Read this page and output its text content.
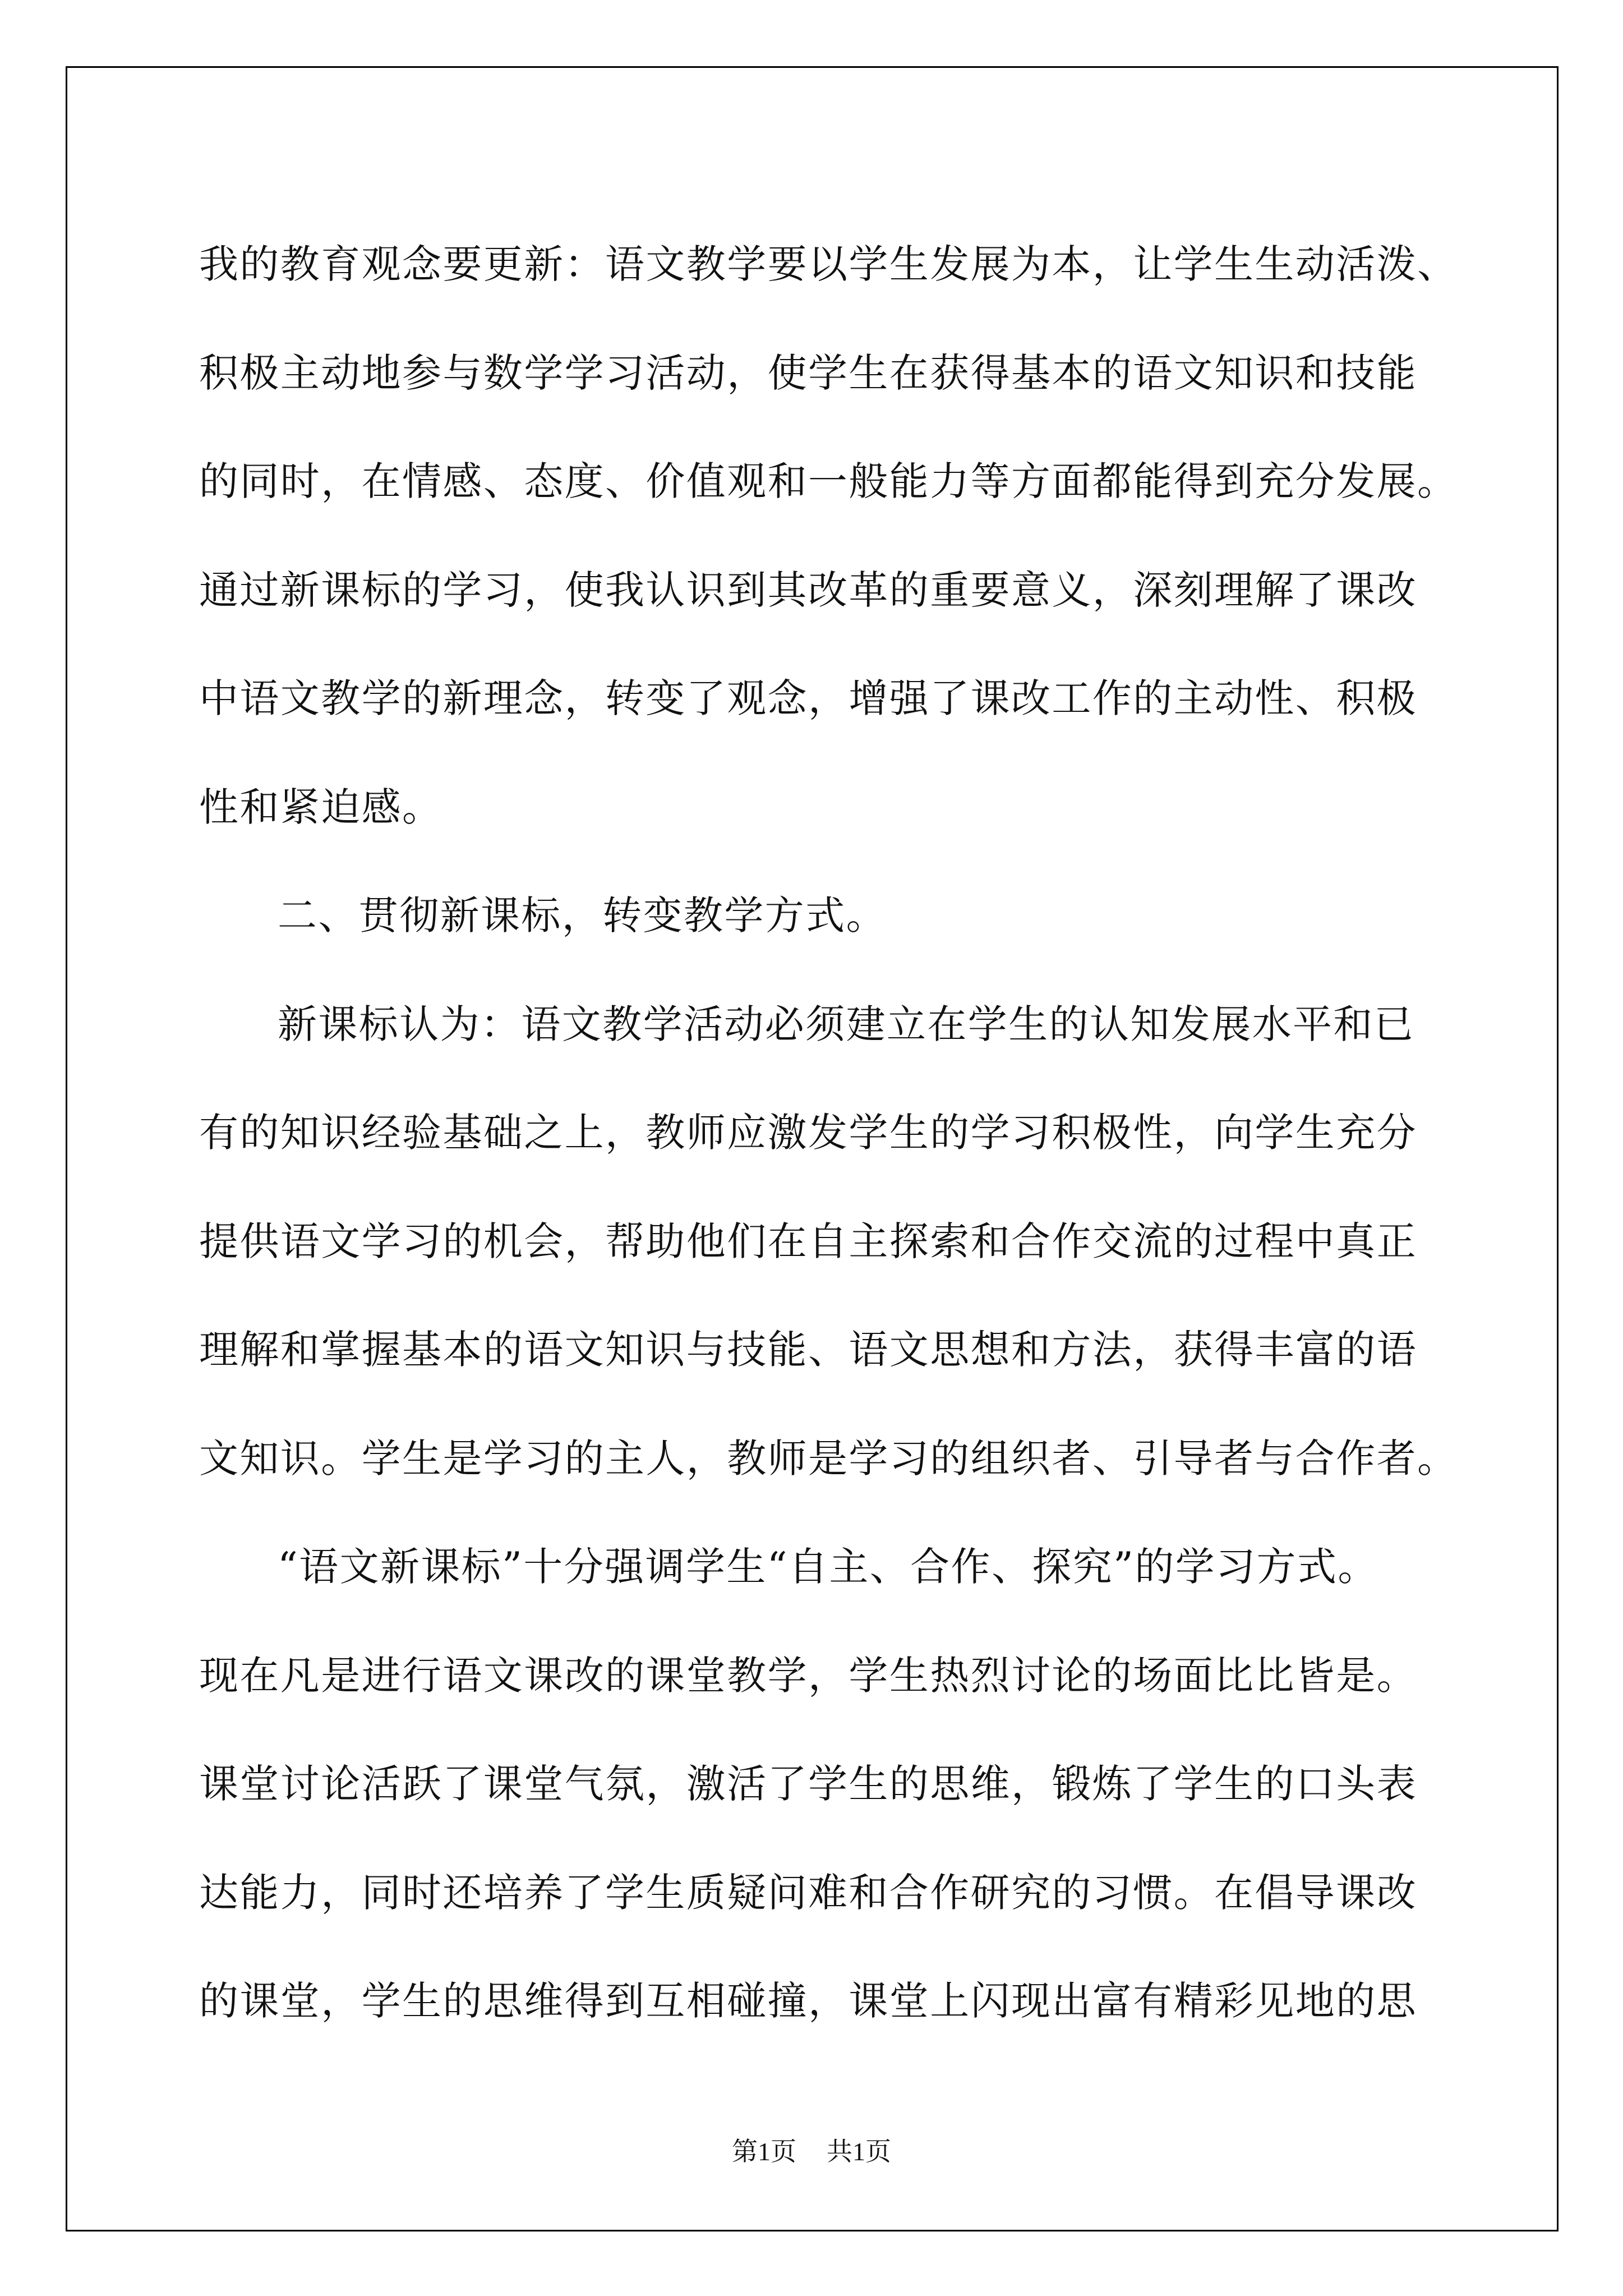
我的教育观念要更新：语文教学要以学生发展为本，让学生生动活泼、
积极主动地参与数学学习活动，使学生在获得基本的语文知识和技能
的同时，在情感、态度、价值观和一般能力等方面都能得到充分发展。
通过新课标的学习，使我认识到其改革的重要意义，深刻理解了课改
中语文教学的新理念，转变了观念，增强了课改工作的主动性、积极
性和紧迫感。
二、贯彻新课标，转变教学方式。
新课标认为：语文教学活动必须建立在学生的认知发展水平和已
有的知识经验基础之上，教师应激发学生的学习积极性，向学生充分
提供语文学习的机会，帮助他们在自主探索和合作交流的过程中真正
理解和掌握基本的语文知识与技能、语文思想和方法，获得丰富的语
文知识。学生是学习的主人，教师是学习的组织者、引导者与合作者。
“语文新课标”十分强调学生“自主、合作、探究”的学习方式。
现在凡是进行语文课改的课堂教学，学生热烈讨论的场面比比皆是。
课堂讨论活跃了课堂气氛，激活了学生的思维，锻炼了学生的口头表
达能力，同时还培养了学生质疑问难和合作研究的习惯。在倡导课改
的课堂，学生的思维得到互相碰撞，课堂上闪现出富有精彩见地的思
第1页 共1页
